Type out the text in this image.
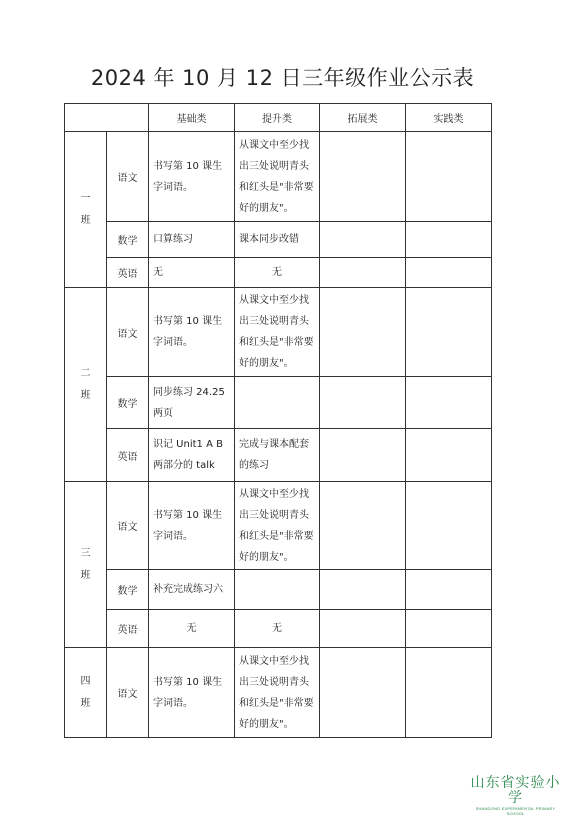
2024 年 10 月 12 日三年级作业公示表
		基础类	提升类	拓展类	实践类
一
班	语文	书写第 10 课生字词语。	从课文中至少找出三处说明青头和红头是"非常要好的朋友"。		
	数学	口算练习	课本同步改错		
	英语	无	无		
二
班	语文	书写第 10 课生字词语。	从课文中至少找出三处说明青头和红头是"非常要好的朋友"。		
	数学	同步练习 24.25 两页			
	英语	识记 Unit1 A B 两部分的 talk	完成与课本配套的练习		
三
班	语文	书写第 10 课生字词语。	从课文中至少找出三处说明青头和红头是"非常要好的朋友"。		
	数学	补充完成练习六			
	英语	无	无		
四
班	语文	书写第 10 课生字词语。	从课文中至少找出三处说明青头和红头是"非常要好的朋友"。		
山东省实验小学
SHANDONG EXPERIMENTAL PRIMARY SCHOOL
